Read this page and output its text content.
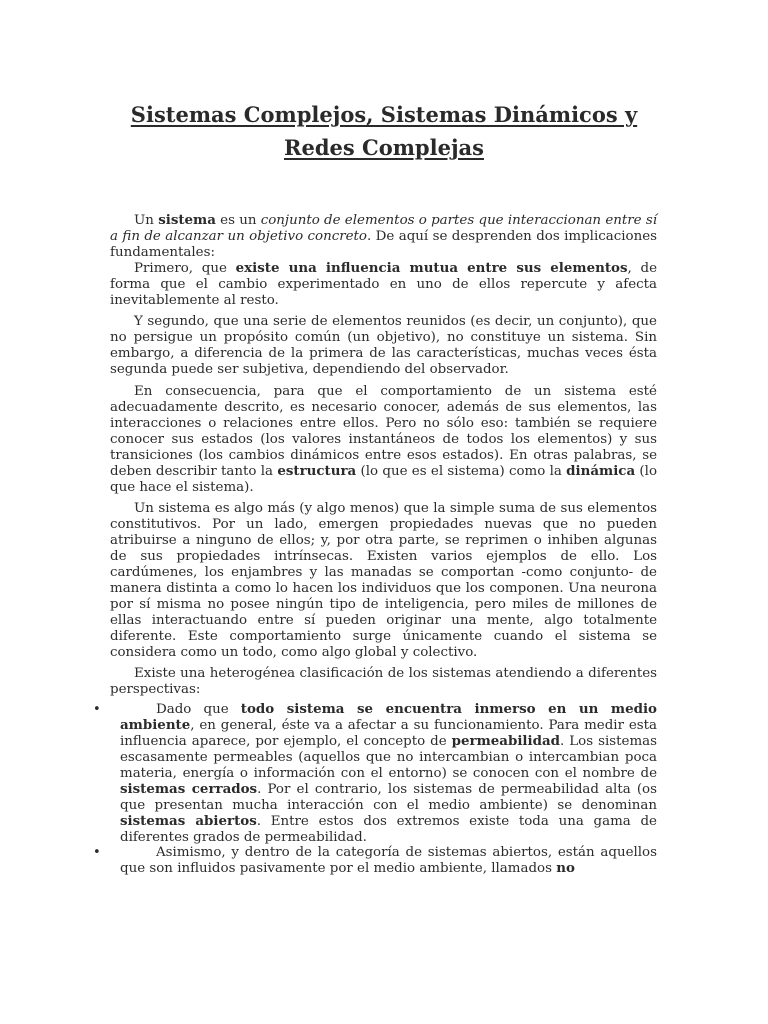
Sistemas Complejos, Sistemas Dinámicos y
Redes Complejas

Un sistema es un conjunto de elementos o partes que interaccionan entre sí a fin de alcanzar un objetivo concreto. De aquí se desprenden dos implicaciones fundamentales:

Primero, que existe una influencia mutua entre sus elementos, de forma que el cambio experimentado en uno de ellos repercute y afecta inevitablemente al resto.

Y segundo, que una serie de elementos reunidos (es decir, un conjunto), que no persigue un propósito común (un objetivo), no constituye un sistema. Sin embargo, a diferencia de la primera de las características, muchas veces ésta segunda puede ser subjetiva, dependiendo del observador.

En consecuencia, para que el comportamiento de un sistema esté adecuadamente descrito, es necesario conocer, además de sus elementos, las interacciones o relaciones entre ellos. Pero no sólo eso: también se requiere conocer sus estados (los valores instantáneos de todos los elementos) y sus transiciones (los cambios dinámicos entre esos estados). En otras palabras, se deben describir tanto la estructura (lo que es el sistema) como la dinámica (lo que hace el sistema).

Un sistema es algo más (y algo menos) que la simple suma de sus elementos constitutivos. Por un lado, emergen propiedades nuevas que no pueden atribuirse a ninguno de ellos; y, por otra parte, se reprimen o inhiben algunas de sus propiedades intrínsecas. Existen varios ejemplos de ello. Los cardúmenes, los enjambres y las manadas se comportan -como conjunto- de manera distinta a como lo hacen los individuos que los componen. Una neurona por sí misma no posee ningún tipo de inteligencia, pero miles de millones de ellas interactuando entre sí pueden originar una mente, algo totalmente diferente. Este comportamiento surge únicamente cuando el sistema se considera como un todo, como algo global y colectivo.

Existe una heterogénea clasificación de los sistemas atendiendo a diferentes perspectivas:

•	Dado que todo sistema se encuentra inmerso en un medio ambiente, en general, éste va a afectar a su funcionamiento. Para medir esta influencia aparece, por ejemplo, el concepto de permeabilidad. Los sistemas escasamente permeables (aquellos que no intercambian o intercambian poca materia, energía o información con el entorno) se conocen con el nombre de sistemas cerrados. Por el contrario, los sistemas de permeabilidad alta (os que presentan mucha interacción con el medio ambiente) se denominan sistemas abiertos. Entre estos dos extremos existe toda una gama de diferentes grados de permeabilidad.
•	Asimismo, y dentro de la categoría de sistemas abiertos, están aquellos que son influidos pasivamente por el medio ambiente, llamados no
